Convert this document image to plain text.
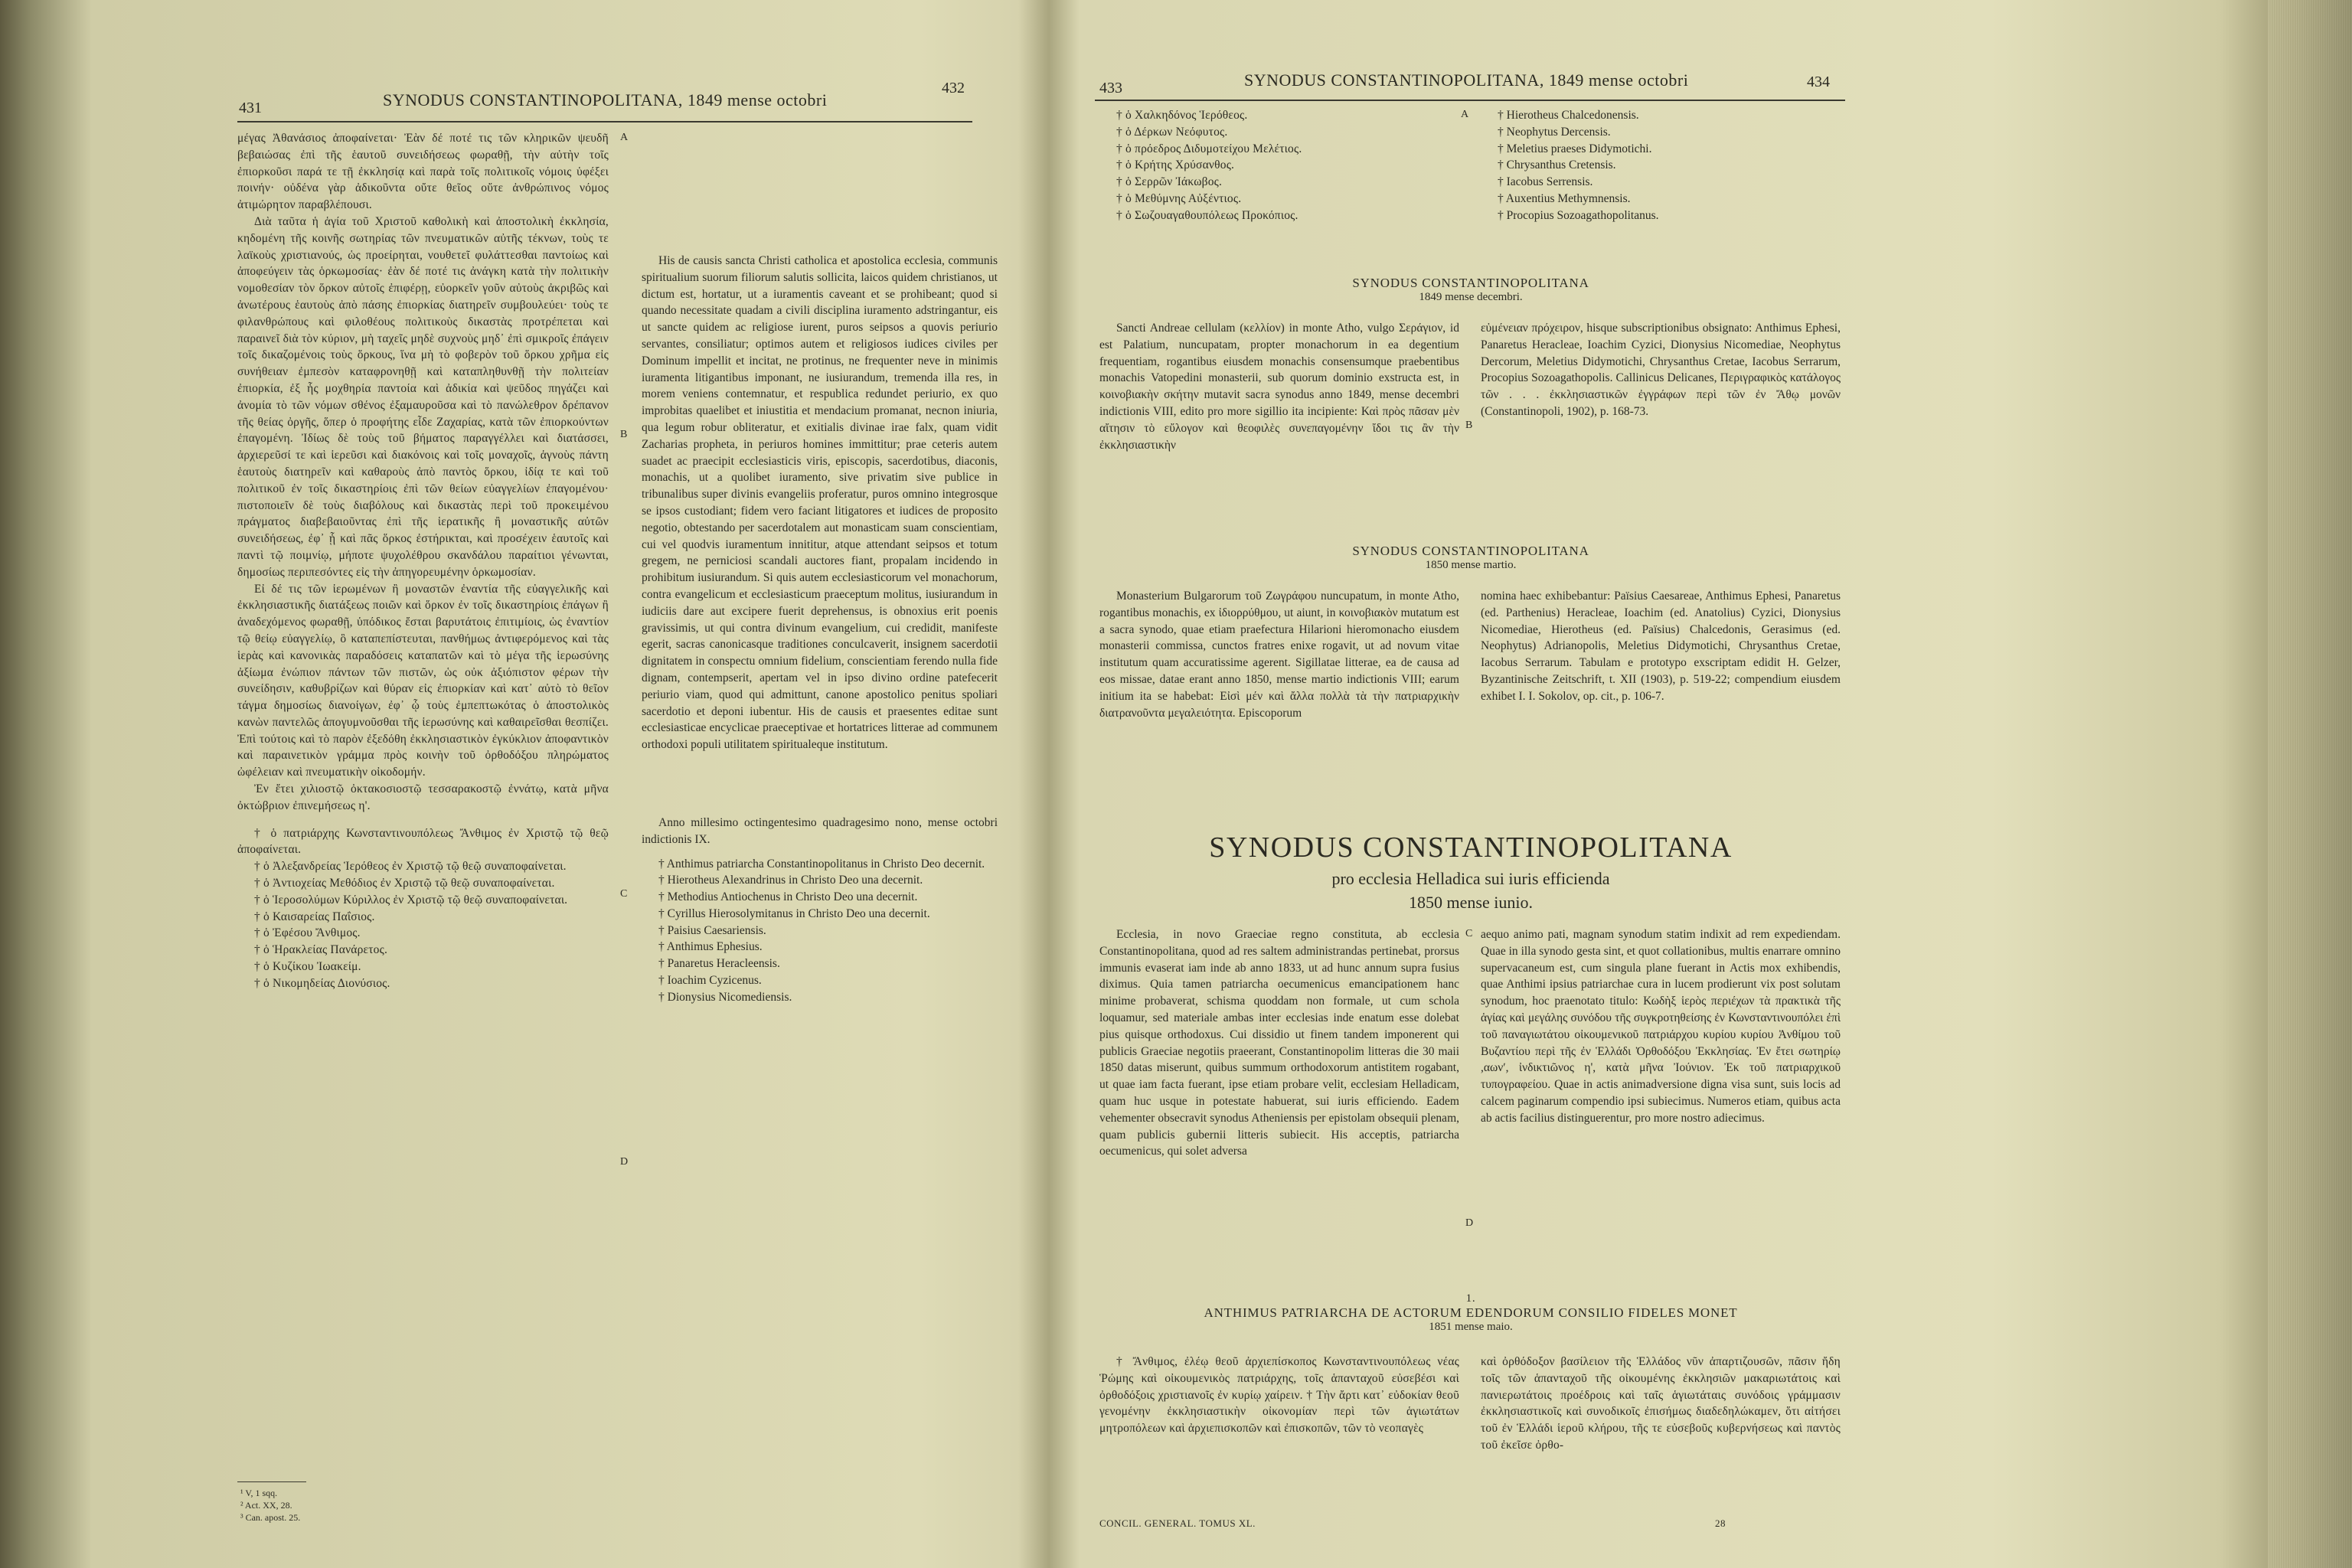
431	SYNODUS CONSTANTINOPOLITANA, 1849 mense octobri
432

μέγας Ἀθανάσιος ἀποφαίνεται· Ἐὰν δέ ποτέ τις τῶν κληρικῶν ψευδῆ βεβαιώσας ἐπὶ τῆς ἑαυτοῦ συνειδήσεως φωραθῇ, τὴν αὐτὴν τοῖς ἐπιορκοῦσι παρά τε τῇ ἐκκλησίᾳ καὶ παρὰ τοῖς πολιτικοῖς νόμοις ὑφέξει ποινήν· οὐδένα γὰρ ἀδικοῦντα οὔτε θεῖος οὔτε ἀνθρώπινος νόμος ἀτιμώρητον παραβλέπουσι.

Διὰ ταῦτα ἡ ἁγία τοῦ Χριστοῦ καθολικὴ καὶ ἀποστολικὴ ἐκκλησία, κηδομένη τῆς κοινῆς σωτηρίας τῶν πνευματικῶν αὐτῆς τέκνων, τοὺς τε λαϊκοὺς χριστιανούς, ὡς προείρηται, νουθετεῖ φυλάττεσθαι παντοίως καὶ ἀποφεύγειν τὰς ὁρκωμοσίας· ἐὰν δέ ποτέ τις ἀνάγκη κατὰ τὴν πολιτικὴν νομοθεσίαν τὸν ὅρκον αὐτοῖς ἐπιφέρῃ, εὐορκεῖν γοῦν αὐτοὺς ἀκριβῶς καὶ ἀνωτέρους ἑαυτοὺς ἀπὸ πάσης ἐπιορκίας διατηρεῖν συμβουλεύει· τοὺς τε φιλανθρώπους καὶ φιλοθέους πολιτικοὺς δικαστὰς προτρέπεται καὶ παραινεῖ διὰ τὸν κύριον, μὴ ταχεῖς μηδὲ συχνοὺς μηδ᾽ ἐπὶ σμικροῖς ἐπάγειν τοῖς δικαζομένοις τοὺς ὅρκους, ἵνα μὴ τὸ φοβερὸν τοῦ ὅρκου χρῆμα εἰς συνήθειαν ἐμπεσὸν καταφρονηθῇ καὶ καταπληθυνθῇ τὴν πολιτείαν ἐπιορκία, ἐξ ἧς μοχθηρία παντοία καὶ ἀδικία καὶ ψεῦδος πηγάζει καὶ ἀνομία τὸ τῶν νόμων σθένος ἐξαμαυροῦσα καὶ τὸ πανώλεθρον δρέπανον τῆς θείας ὀργῆς, ὅπερ ὁ προφήτης εἶδε Ζαχαρίας, κατὰ τῶν ἐπιορκούντων ἐπαγομένη. Ἰδίως δὲ τοὺς τοῦ βήματος παραγγέλλει καὶ διατάσσει, ἀρχιερεῦσί τε καὶ ἱερεῦσι καὶ διακόνοις καὶ τοῖς μοναχοῖς, ἁγνοὺς πάντη ἑαυτοὺς διατηρεῖν καὶ καθαροὺς ἀπὸ παντὸς ὅρκου, ἰδίᾳ τε καὶ τοῦ πολιτικοῦ ἐν τοῖς δικαστηρίοις ἐπὶ τῶν θείων εὐαγγελίων ἐπαγομένου· πιστοποιεῖν δὲ τοὺς διαβόλους καὶ δικαστὰς περὶ τοῦ προκειμένου πράγματος διαβεβαιοῦντας ἐπὶ τῆς ἱερατικῆς ἢ μοναστικῆς αὐτῶν συνειδήσεως, ἐφ᾽ ᾗ καὶ πᾶς ὅρκος ἐστήρικται, καὶ προσέχειν ἑαυτοῖς καὶ παντὶ τῷ ποιμνίῳ, μήποτε ψυχολέθρου σκανδάλου παραίτιοι γένωνται, δημοσίως περιπεσόντες εἰς τὴν ἀπηγορευμένην ὁρκωμοσίαν.

Εἰ δέ τις τῶν ἱερωμένων ἢ μοναστῶν ἐναντία τῆς εὐαγγελικῆς καὶ ἐκκλησιαστικῆς διατάξεως ποιῶν καὶ ὅρκον ἐν τοῖς δικαστηρίοις ἐπάγων ἢ ἀναδεχόμενος φωραθῇ, ὑπόδικος ἔσται βαρυτάτοις ἐπιτιμίοις, ὡς ἐναντίον τῷ θείῳ εὐαγγελίῳ, ὃ καταπεπίστευται, πανθήμως ἀντιφερόμενος καὶ τὰς ἱερὰς καὶ κανονικὰς παραδόσεις καταπατῶν καὶ τὸ μέγα τῆς ἱερωσύνης ἀξίωμα ἐνώπιον πάντων τῶν πιστῶν, ὡς οὐκ ἀξιόπιστον φέρων τὴν συνείδησιν, καθυβρίζων καὶ θύραν εἰς ἐπιορκίαν καὶ κατ᾽ αὐτὸ τὸ θεῖον τάγμα δημοσίως διανοίγων, ἐφ᾽ ᾧ τοὺς ἐμπεπτωκότας ὁ ἀποστολικὸς κανὼν παντελῶς ἀπογυμνοῦσθαι τῆς ἱερωσύνης καὶ καθαιρεῖσθαι θεσπίζει. Ἐπὶ τούτοις καὶ τὸ παρὸν ἐξεδόθη ἐκκλησιαστικὸν ἐγκύκλιον ἀποφαντικὸν καὶ παραινετικὸν γράμμα πρὸς κοινὴν τοῦ ὀρθοδόξου πληρώματος ὠφέλειαν καὶ πνευματικὴν οἰκοδομήν.

Ἐν ἔτει χιλιοστῷ ὀκτακοσιοστῷ τεσσαρακοστῷ ἐννάτῳ, κατὰ μῆνα ὀκτώβριον ἐπινεμήσεως η'.

† ὁ πατριάρχης Κωνσταντινουπόλεως Ἄνθιμος ἐν Χριστῷ τῷ θεῷ ἀποφαίνεται.

† ὁ Ἀλεξανδρείας Ἱερόθεος ἐν Χριστῷ τῷ θεῷ συναποφαίνεται.

† ὁ Ἀντιοχείας Μεθόδιος ἐν Χριστῷ τῷ θεῷ συναποφαίνεται.

† ὁ Ἱεροσολύμων Κύριλλος ἐν Χριστῷ τῷ θεῷ συναποφαίνεται.

† ὁ Καισαρείας Παΐσιος.

† ὁ Ἐφέσου Ἄνθιμος.

† ὁ Ἡρακλείας Πανάρετος.

† ὁ Κυζίκου Ἰωακείμ.

† ὁ Νικομηδείας Διονύσιος.

His de causis sancta Christi catholica et apostolica ecclesia, communis spiritualium suorum filiorum salutis sollicita, laicos quidem christianos, ut dictum est, hortatur, ut a iuramentis caveant et se prohibeant; quod si quando necessitate quadam a civili disciplina iuramento adstringantur, eis ut sancte quidem ac religiose iurent, puros seipsos a quovis periurio servantes, consiliatur; optimos autem et religiosos iudices civiles per Dominum impellit et incitat, ne protinus, ne frequenter neve in minimis iuramenta litigantibus imponant, ne iusiurandum, tremenda illa res, in morem veniens contemnatur, et respublica redundet periurio, ex quo improbitas quaelibet et iniustitia et mendacium promanat, necnon iniuria, qua legum robur obliteratur, et exitialis divinae irae falx, quam vidit Zacharias propheta, in periuros homines immittitur; prae ceteris autem suadet ac praecipit ecclesiasticis viris, episcopis, sacerdotibus, diaconis, monachis, ut a quolibet iuramento, sive privatim sive publice in tribunalibus super divinis evangeliis proferatur, puros omnino integrosque se ipsos custodiant; fidem vero faciant litigatores et iudices de proposito negotio, obtestando per sacerdotalem aut monasticam suam conscientiam, cui vel quodvis iuramentum innititur, atque attendant seipsos et totum gregem, ne perniciosi scandali auctores fiant, propalam incidendo in prohibitum iusiurandum. Si quis autem ecclesiasticorum vel monachorum, contra evangelicum et ecclesiasticum praeceptum molitus, iusiurandum in iudiciis dare aut excipere fuerit deprehensus, is obnoxius erit poenis gravissimis, ut qui contra divinum evangelium, cui credidit, manifeste egerit, sacras canonicasque traditiones conculcaverit, insignem sacerdotii dignitatem in conspectu omnium fidelium, conscientiam ferendo nulla fide dignam, contempserit, apertam vel in ipso divino ordine patefecerit periurio viam, quod qui admittunt, canone apostolico penitus spoliari sacerdotio et deponi iubentur. His de causis et praesentes editae sunt ecclesiasticae encyclicae praeceptivae et hortatrices litterae ad communem orthodoxi populi utilitatem spiritualeque institutum.

Anno millesimo octingentesimo quadragesimo nono, mense octobri indictionis IX.

† Anthimus patriarcha Constantinopolitanus in Christo Deo decernit.

† Hierotheus Alexandrinus in Christo Deo una decernit.

† Methodius Antiochenus in Christo Deo una decernit.

† Cyrillus Hierosolymitanus in Christo Deo una decernit.

† Paisius Caesariensis.

† Anthimus Ephesius.

† Panaretus Heracleensis.

† Ioachim Cyzicenus.

† Dionysius Nicomediensis.

A
B
C
D
¹ V, 1 sqq.
² Act. XX, 28.
³ Can. apost. 25.
433	SYNODUS CONSTANTINOPOLITANA, 1849 mense octobri	434

† ὁ Χαλκηδόνος Ἱερόθεος.

† ὁ Δέρκων Νεόφυτος.

† ὁ πρόεδρος Διδυμοτείχου Μελέτιος.

† ὁ Κρήτης Χρύσανθος.

† ὁ Σερρῶν Ἰάκωβος.

† ὁ Μεθύμνης Αὐξέντιος.

† ὁ Σωζουαγαθουπόλεως Προκόπιος.

A	† Hierotheus Chalcedonensis.

† Neophytus Dercensis.

† Meletius praeses Didymotichi.

† Chrysanthus Cretensis.

† Iacobus Serrensis.

† Auxentius Methymnensis.

† Procopius Sozoagathopolitanus.

SYNODUS CONSTANTINOPOLITANA

1849 mense decembri.

Sancti Andreae cellulam (κελλίον) in monte Atho, vulgo Σεράγιον, id est Palatium, nuncupatam, propter monachorum in ea degentium frequentiam, rogantibus eiusdem monachis consensumque praebentibus monachis Vatopedini monasterii, sub quorum dominio exstructa est, in κοινοβιακὴν σκήτην mutavit sacra synodus anno 1849, mense decembri indictionis VIII, edito pro more sigillio ita incipiente: Καὶ πρὸς πᾶσαν μὲν αἴτησιν τὸ εὔλογον καὶ θεοφιλὲς συνεπαγομένην ἴδοι τις ἂν τὴν ἐκκλησιαστικὴν

B

εὐμένειαν πρόχειρον, hisque subscriptionibus obsignato: Anthimus Ephesi, Panaretus Heracleae, Ioachim Cyzici, Dionysius Nicomediae, Neophytus Dercorum, Meletius Didymotichi, Chrysanthus Cretae, Iacobus Serrarum, Procopius Sozoagathopolis. Callinicus Delicanes, Περιγραφικὸς κατάλογος τῶν . . . ἐκκλησιαστικῶν ἐγγράφων περὶ τῶν ἐν Ἄθῳ μονῶν (Constantinopoli, 1902), p. 168-73.

SYNODUS CONSTANTINOPOLITANA

1850 mense martio.

Monasterium Bulgarorum τοῦ Ζωγράφου nuncupatum, in monte Atho, rogantibus monachis, ex ἰδιορρύθμου, ut aiunt, in κοινοβιακὸν mutatum est a sacra synodo, quae etiam praefectura Hilarioni hieromonacho eiusdem monasterii commissa, cunctos fratres enixe rogavit, ut ad novum vitae institutum quam accuratissime agerent. Sigillatae litterae, ea de causa ad eos missae, datae erant anno 1850, mense martio indictionis VIII; earum initium ita se habebat: Εἰσὶ μέν καὶ ἄλλα πολλὰ τὰ τὴν πατριαρχικὴν διατρανοῦντα μεγαλειότητα. Episcoporum

nomina haec exhibebantur: Païsius Caesareae, Anthimus Ephesi, Panaretus (ed. Parthenius) Heracleae, Ioachim (ed. Anatolius) Cyzici, Dionysius Nicomediae, Hierotheus (ed. Païsius) Chalcedonis, Gerasimus (ed. Neophytus) Adrianopolis, Meletius Didymotichi, Chrysanthus Cretae, Iacobus Serrarum. Tabulam e prototypo exscriptam edidit H. Gelzer, Byzantinische Zeitschrift, t. XII (1903), p. 519-22; compendium eiusdem exhibet I. I. Sokolov, op. cit., p. 106-7.

SYNODUS CONSTANTINOPOLITANA
pro ecclesia Helladica sui iuris efficienda
1850 mense iunio.

Ecclesia, in novo Graeciae regno constituta, ab ecclesia Constantinopolitana, quod ad res saltem administrandas pertinebat, prorsus immunis evaserat iam inde ab anno 1833, ut ad hunc annum supra fusius diximus. Quia tamen patriarcha oecumenicus emancipationem hanc minime probaverat, schisma quoddam non formale, ut cum schola loquamur, sed materiale ambas inter ecclesias inde enatum esse dolebat pius quisque orthodoxus. Cui dissidio ut finem tandem imponerent qui publicis Graeciae negotiis praeerant, Constantinopolim litteras die 30 maii 1850 datas miserunt, quibus summum orthodoxorum antistitem rogabant, ut quae iam facta fuerant, ipse etiam probare velit, ecclesiam Helladicam, quam huc usque in potestate habuerat, sui iuris efficiendo. Eadem vehementer obsecravit synodus Atheniensis per epistolam obsequii plenam, quam publicis gubernii litteris subiecit. His acceptis, patriarcha oecumenicus, qui solet adversa

C
D

aequo animo pati, magnam synodum statim indixit ad rem expediendam. Quae in illa synodo gesta sint, et quot collationibus, multis enarrare omnino supervacaneum est, cum singula plane fuerant in Actis mox exhibendis, quae Anthimi ipsius patriarchae cura in lucem prodierunt vix post solutam synodum, hoc praenotato titulo: Κωδὴξ ἱερὸς περιέχων τὰ πρακτικὰ τῆς ἁγίας καὶ μεγάλης συνόδου τῆς συγκροτηθείσης ἐν Κωνσταντινουπόλει ἐπὶ τοῦ παναγιωτάτου οἰκουμενικοῦ πατριάρχου κυρίου κυρίου Ἀνθίμου τοῦ Βυζαντίου περὶ τῆς ἐν Ἑλλάδι Ὀρθοδόξου Ἐκκλησίας. Ἐν ἔτει σωτηρίῳ ,αωνʹ, ἰνδικτιῶνος η', κατὰ μῆνα Ἰούνιον. Ἐκ τοῦ πατριαρχικοῦ τυπογραφείου. Quae in actis animadversione digna visa sunt, suis locis ad calcem paginarum compendio ipsi subiecimus. Numeros etiam, quibus acta ab actis facilius distinguerentur, pro more nostro adiecimus.

1.

ANTHIMUS PATRIARCHA DE ACTORUM EDENDORUM CONSILIO FIDELES MONET

1851 mense maio.

† Ἄνθιμος, ἐλέῳ θεοῦ ἀρχιεπίσκοπος Κωνσταντινουπόλεως νέας Ῥώμης καὶ οἰκουμενικὸς πατριάρχης, τοῖς ἁπανταχοῦ εὐσεβέσι καὶ ὀρθοδόξοις χριστιανοῖς ἐν κυρίῳ χαίρειν. † Τὴν ἄρτι κατ᾽ εὐδοκίαν θεοῦ γενομένην ἐκκλησιαστικὴν οἰκονομίαν περὶ τῶν ἁγιωτάτων μητροπόλεων καὶ ἀρχιεπισκοπῶν καὶ ἐπισκοπῶν, τῶν τὸ νεοπαγὲς

καὶ ὀρθόδοξον βασίλειον τῆς Ἑλλάδος νῦν ἀπαρτιζουσῶν, πᾶσιν ἤδη τοῖς τῶν ἁπανταχοῦ τῆς οἰκουμένης ἐκκλησιῶν μακαριωτάτοις καὶ πανιερωτάτοις προέδροις καὶ ταῖς ἁγιωτάταις συνόδοις γράμμασιν ἐκκλησιαστικοῖς καὶ συνοδικοῖς ἐπισήμως διαδεδηλώκαμεν, ὅτι αἰτήσει τοῦ ἐν Ἑλλάδι ἱεροῦ κλήρου, τῆς τε εὐσεβοῦς κυβερνήσεως καὶ παντὸς τοῦ ἐκεῖσε ὀρθο-

CONCIL. GENERAL. TOMUS XL.	28
